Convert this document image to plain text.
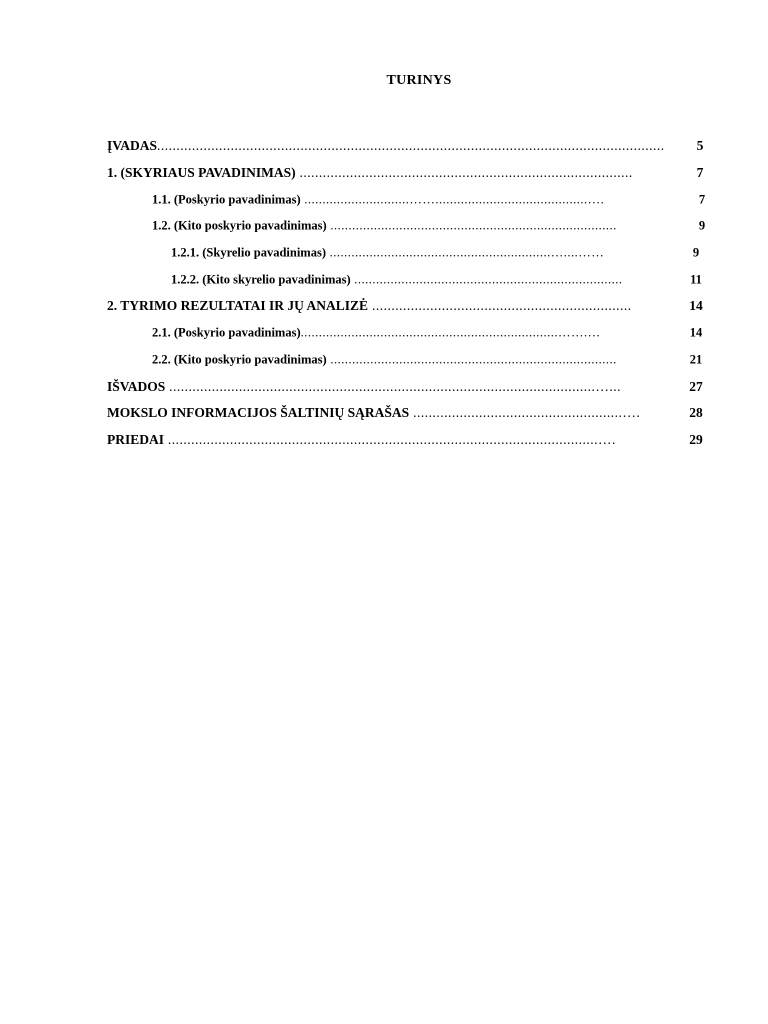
TURINYS
ĮVADAS...................................................................................................................................	5
1. (SKYRIAUS PAVADINIMAS) ......................................................................................	7
1.1. (Poskyrio pavadinimas) .............................……..........................................….	7
1.2. (Kito poskyrio pavadinimas) ...............................................................................	9
1.2.1. (Skyrelio pavadinimas) .............................................................…....……	9
1.2.2. (Kito skyrelio pavadinimas) ..........................................................................	11
2. TYRIMO REZULTATAI IR JŲ ANALIZĖ ...................................................................	14
2.1. (Poskyrio pavadinimas).......................................................................…….…	14
2.2. (Kito poskyrio pavadinimas) ...............................................................................	21
IŠVADOS ..............................................................................................................…...	27
MOKSLO INFORMACIJOS ŠALTINIŲ SĄRAŠAS ......................................................….	28
PRIEDAI ...............................................................................................................….	29
